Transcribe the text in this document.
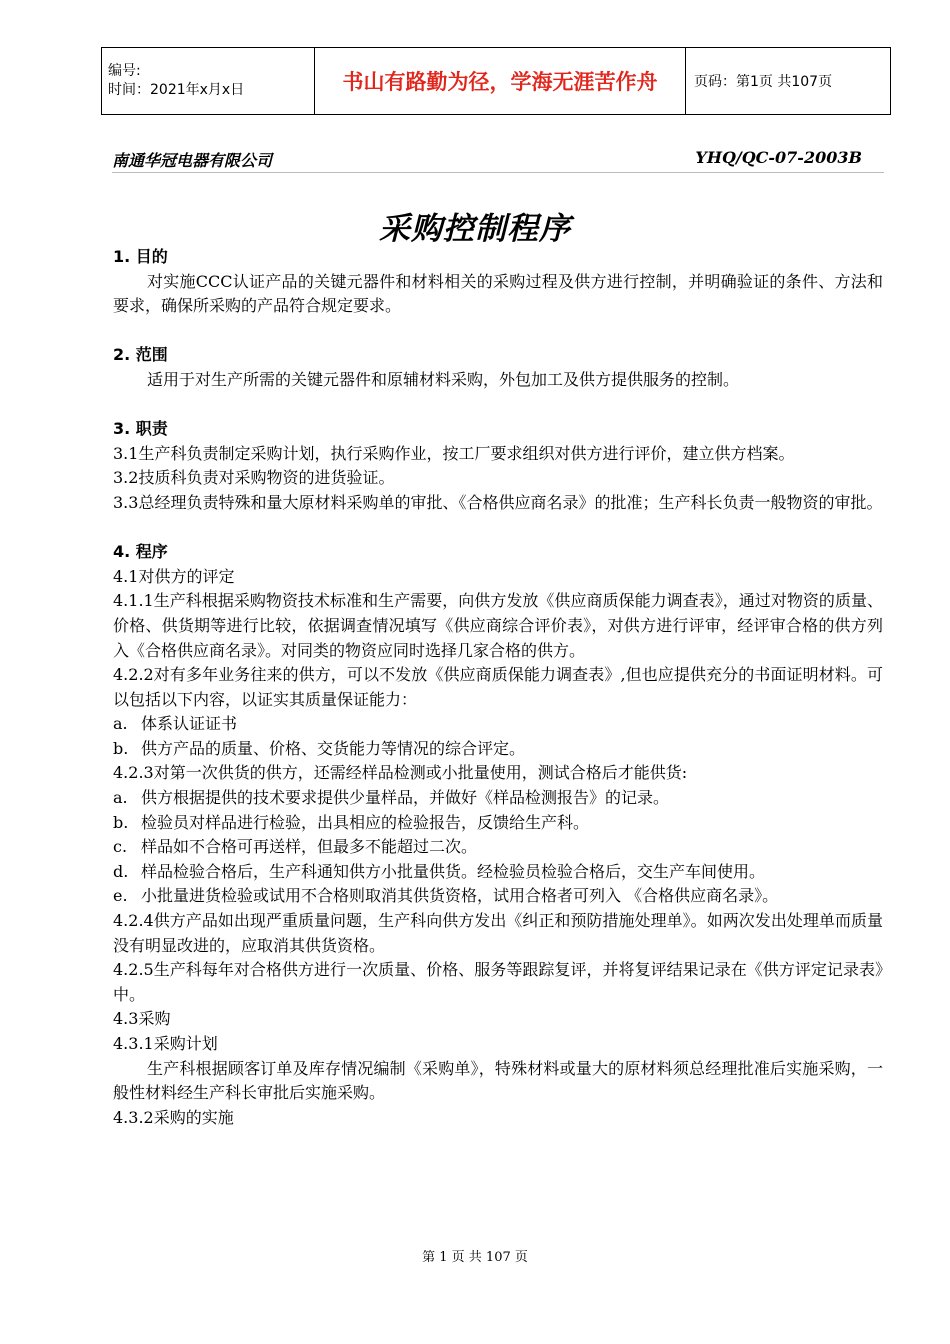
编号:
时间：2021年x月x日	书山有路勤为径，学海无涯苦作舟	页码：第1页 共107页
南通华冠电器有限公司	YHQ/QC-07-2003B
采购控制程序

1. 目的

对实施CCC认证产品的关键元器件和材料相关的采购过程及供方进行控制，并明确验证的条件、方法和要求，确保所采购的产品符合规定要求。

2. 范围

适用于对生产所需的关键元器件和原辅材料采购，外包加工及供方提供服务的控制。

3. 职责

3.1生产科负责制定采购计划，执行采购作业，按工厂要求组织对供方进行评价，建立供方档案。

3.2技质科负责对采购物资的进货验证。

3.3总经理负责特殊和量大原材料采购单的审批、《合格供应商名录》的批准；生产科长负责一般物资的审批。

4. 程序

4.1对供方的评定

4.1.1生产科根据采购物资技术标准和生产需要，向供方发放《供应商质保能力调查表》，通过对物资的质量、价格、供货期等进行比较，依据调查情况填写《供应商综合评价表》，对供方进行评审，经评审合格的供方列入《合格供应商名录》。对同类的物资应同时选择几家合格的供方。

4.2.2对有多年业务往来的供方，可以不发放《供应商质保能力调查表》,但也应提供充分的书面证明材料。可以包括以下内容，以证实其质量保证能力：

a. 体系认证证书

b. 供方产品的质量、价格、交货能力等情况的综合评定。

4.2.3对第一次供货的供方，还需经样品检测或小批量使用，测试合格后才能供货:

a. 供方根据提供的技术要求提供少量样品，并做好《样品检测报告》的记录。

b. 检验员对样品进行检验，出具相应的检验报告，反馈给生产科。

c. 样品如不合格可再送样，但最多不能超过二次。

d. 样品检验合格后，生产科通知供方小批量供货。经检验员检验合格后，交生产车间使用。

e. 小批量进货检验或试用不合格则取消其供货资格，试用合格者可列入 《合格供应商名录》。

4.2.4供方产品如出现严重质量问题，生产科向供方发出《纠正和预防措施处理单》。如两次发出处理单而质量没有明显改进的，应取消其供货资格。

4.2.5生产科每年对合格供方进行一次质量、价格、服务等跟踪复评，并将复评结果记录在《供方评定记录表》中。

4.3采购

4.3.1采购计划

生产科根据顾客订单及库存情况编制《采购单》，特殊材料或量大的原材料须总经理批准后实施采购，一般性材料经生产科长审批后实施采购。

4.3.2采购的实施

第 1 页 共 107 页
